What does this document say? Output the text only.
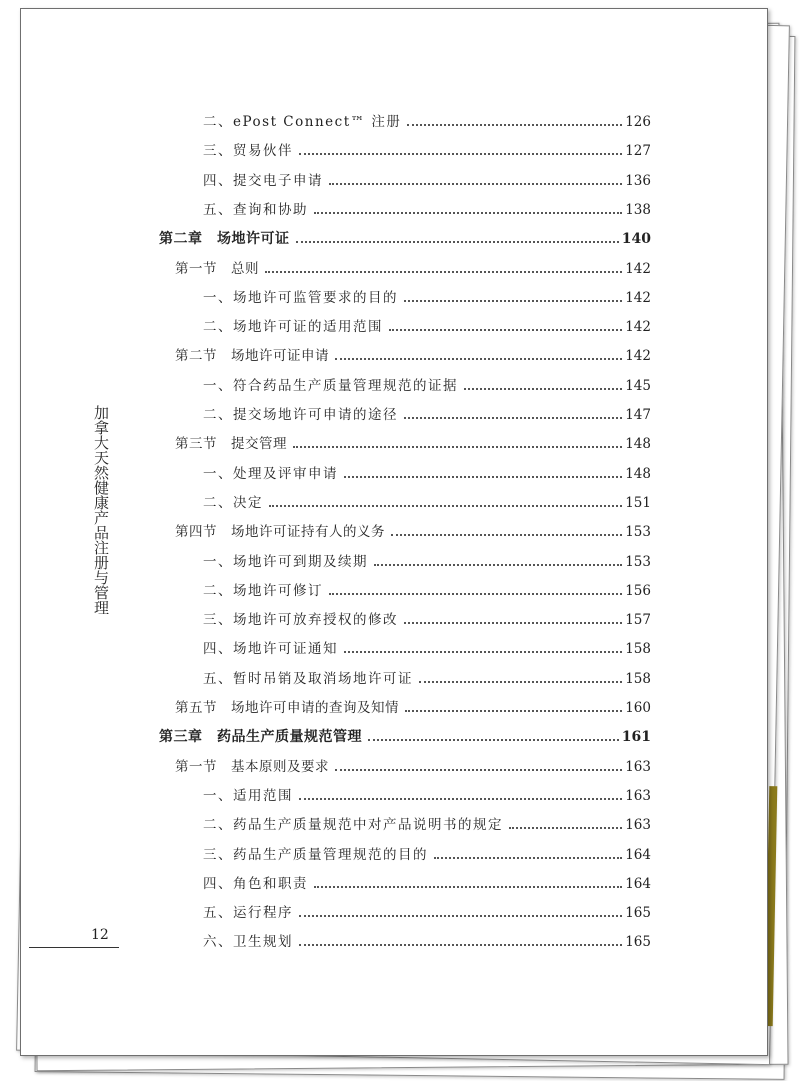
加拿大天然健康产品注册与管理
12
二、ePost Connect™ 注册	126
三、贸易伙伴	127
四、提交电子申请	136
五、查询和协助	138
第二章　场地许可证	140
第一节　总则	142
一、场地许可监管要求的目的	142
二、场地许可证的适用范围	142
第二节　场地许可证申请	142
一、符合药品生产质量管理规范的证据	145
二、提交场地许可申请的途径	147
第三节　提交管理	148
一、处理及评审申请	148
二、决定	151
第四节　场地许可证持有人的义务	153
一、场地许可到期及续期	153
二、场地许可修订	156
三、场地许可放弃授权的修改	157
四、场地许可证通知	158
五、暂时吊销及取消场地许可证	158
第五节　场地许可申请的查询及知情	160
第三章　药品生产质量规范管理	161
第一节　基本原则及要求	163
一、适用范围	163
二、药品生产质量规范中对产品说明书的规定	163
三、药品生产质量管理规范的目的	164
四、角色和职责	164
五、运行程序	165
六、卫生规划	165
